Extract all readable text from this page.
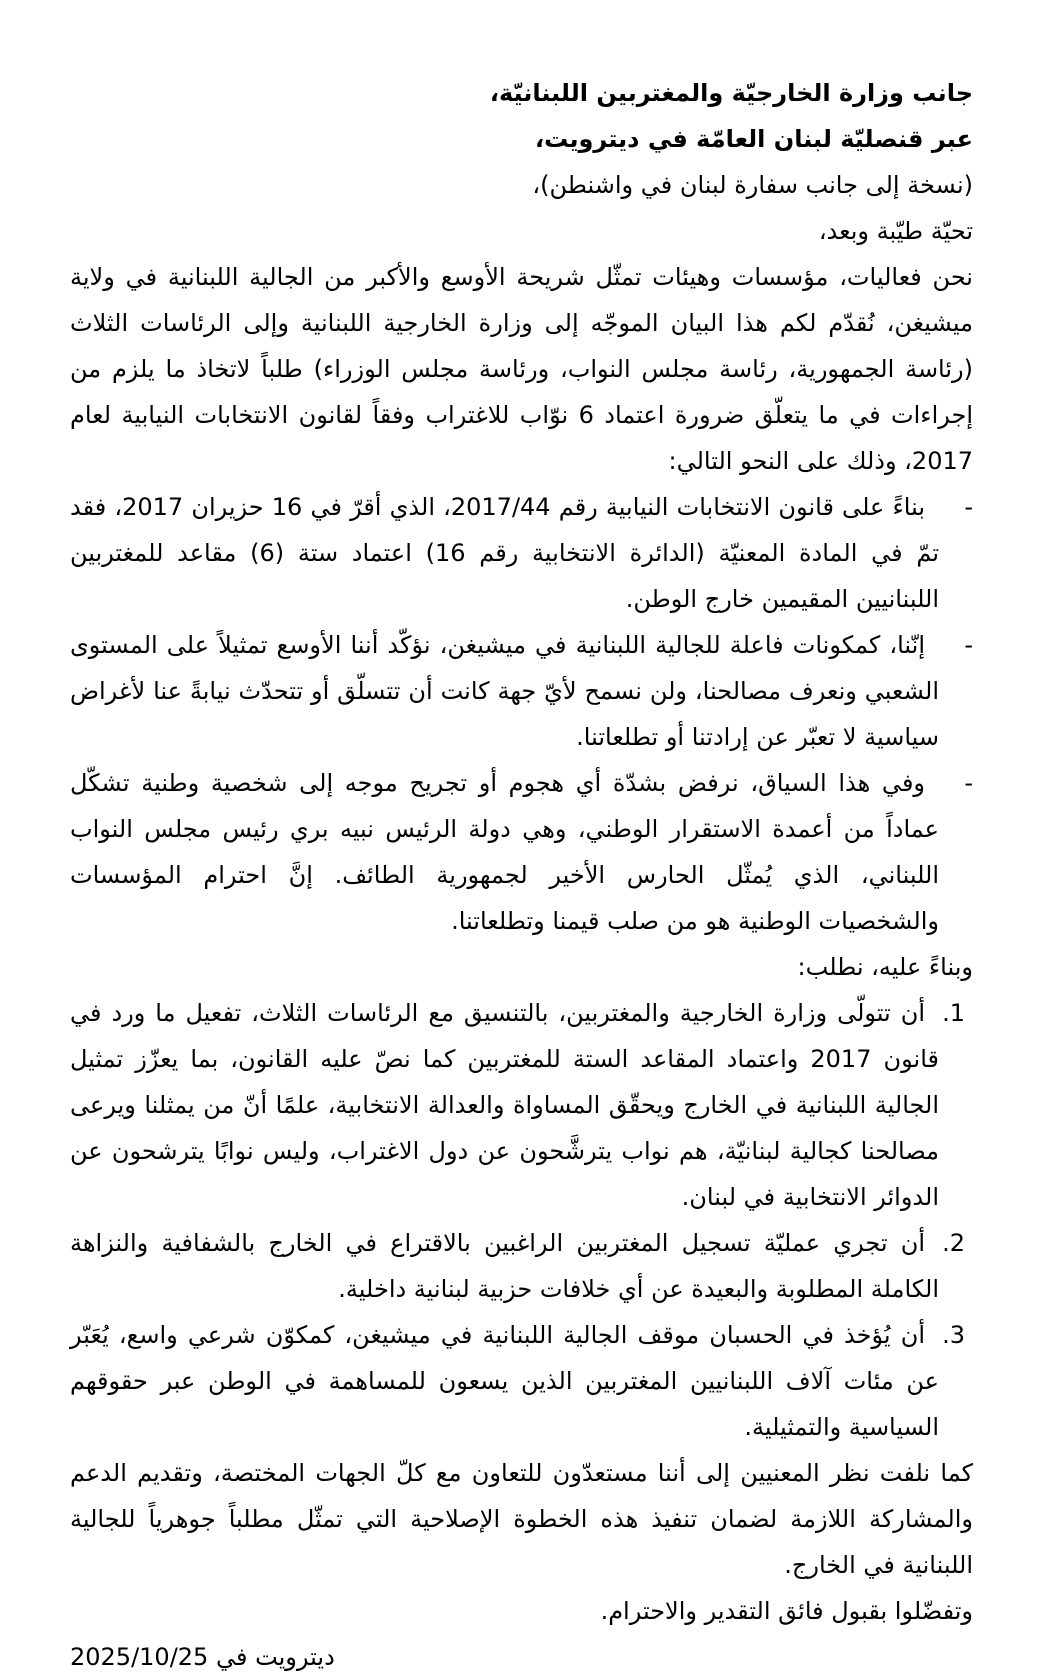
جانب وزارة الخارجيّة والمغتربين اللبنانيّة،

عبر قنصليّة لبنان العامّة في ديترويت،

(نسخة إلى جانب سفارة لبنان في واشنطن)،

تحيّة طيّبة وبعد،

نحن فعاليات، مؤسسات وهيئات تمثّل شريحة الأوسع والأكبر من الجالية اللبنانية في ولاية ميشيغن، نُقدّم لكم هذا البيان الموجّه إلى وزارة الخارجية اللبنانية وإلى الرئاسات الثلاث (رئاسة الجمهورية، رئاسة مجلس النواب، ورئاسة مجلس الوزراء) طلباً لاتخاذ ما يلزم من إجراءات في ما يتعلّق ضرورة اعتماد 6 نوّاب للاغتراب وفقاً لقانون الانتخابات النيابية لعام 2017، وذلك على النحو التالي:

-
بناءً على قانون الانتخابات النيابية رقم 2017/44، الذي أقرّ في 16 حزيران 2017، فقد تمّ في المادة المعنيّة (الدائرة الانتخابية رقم 16) اعتماد ستة (6) مقاعد للمغتربين اللبنانيين المقيمين خارج الوطن.
-
إنّنا، كمكونات فاعلة للجالية اللبنانية في ميشيغن، نؤكّد أننا الأوسع تمثيلاً على المستوى الشعبي ونعرف مصالحنا، ولن نسمح لأيّ جهة كانت أن تتسلّق أو تتحدّث نيابةً عنا لأغراض سياسية لا تعبّر عن إرادتنا أو تطلعاتنا.
-
وفي هذا السياق، نرفض بشدّة أي هجوم أو تجريح موجه إلى شخصية وطنية تشكّل عماداً من أعمدة الاستقرار الوطني، وهي دولة الرئيس نبيه بري رئيس مجلس النواب اللبناني، الذي يُمثّل الحارس الأخير لجمهورية الطائف. إنَّ احترام المؤسسات والشخصيات الوطنية هو من صلب قيمنا وتطلعاتنا.

وبناءً عليه، نطلب:

1.
أن تتولّى وزارة الخارجية والمغتربين، بالتنسيق مع الرئاسات الثلاث، تفعيل ما ورد في قانون 2017 واعتماد المقاعد الستة للمغتربين كما نصّ عليه القانون، بما يعزّز تمثيل الجالية اللبنانية في الخارج ويحقّق المساواة والعدالة الانتخابية، علمًا أنّ من يمثلنا ويرعى مصالحنا كجالية لبنانيّة، هم نواب يترشَّحون عن دول الاغتراب، وليس نوابًا يترشحون عن الدوائر الانتخابية في لبنان.
2.
أن تجري عمليّة تسجيل المغتربين الراغبين بالاقتراع في الخارج بالشفافية والنزاهة الكاملة المطلوبة والبعيدة عن أي خلافات حزبية لبنانية داخلية.
3.
أن يُؤخذ في الحسبان موقف الجالية اللبنانية في ميشيغن، كمكوّن شرعي واسع، يُعَبّر عن مئات آلاف اللبنانيين المغتربين الذين يسعون للمساهمة في الوطن عبر حقوقهم السياسية والتمثيلية.

كما نلفت نظر المعنيين إلى أننا مستعدّون للتعاون مع كلّ الجهات المختصة، وتقديم الدعم والمشاركة اللازمة لضمان تنفيذ هذه الخطوة الإصلاحية التي تمثّل مطلباً جوهرياً للجالية اللبنانية في الخارج.

وتفضّلوا بقبول فائق التقدير والاحترام.

ديترويت في 2025/10/25
